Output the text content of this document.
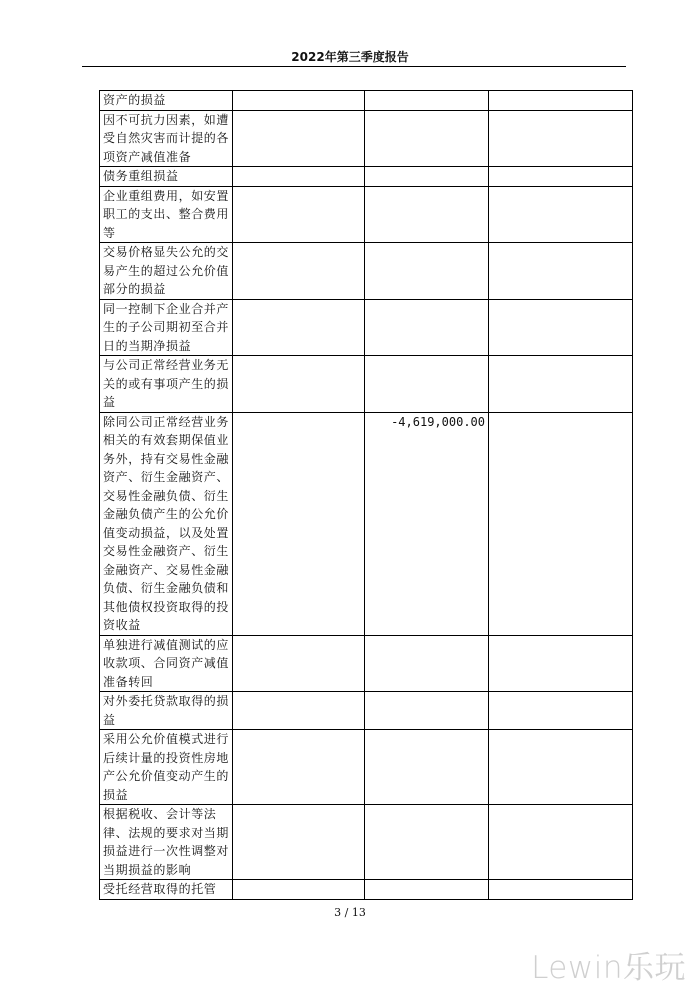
2022年第三季度报告
资产的损益			
因不可抗力因素，如遭受自然灾害而计提的各项资产减值准备			
债务重组损益			
企业重组费用，如安置职工的支出、整合费用等			
交易价格显失公允的交易产生的超过公允价值部分的损益			
同一控制下企业合并产生的子公司期初至合并日的当期净损益			
与公司正常经营业务无关的或有事项产生的损益			
除同公司正常经营业务相关的有效套期保值业务外，持有交易性金融资产、衍生金融资产、交易性金融负债、衍生金融负债产生的公允价值变动损益，以及处置交易性金融资产、衍生金融资产、交易性金融负债、衍生金融负债和其他债权投资取得的投资收益		-4,619,000.00	
单独进行减值测试的应收款项、合同资产减值准备转回			
对外委托贷款取得的损益			
采用公允价值模式进行后续计量的投资性房地产公允价值变动产生的损益			
根据税收、会计等法律、法规的要求对当期损益进行一次性调整对当期损益的影响			
受托经营取得的托管			
3 / 13
Lewin乐玩
